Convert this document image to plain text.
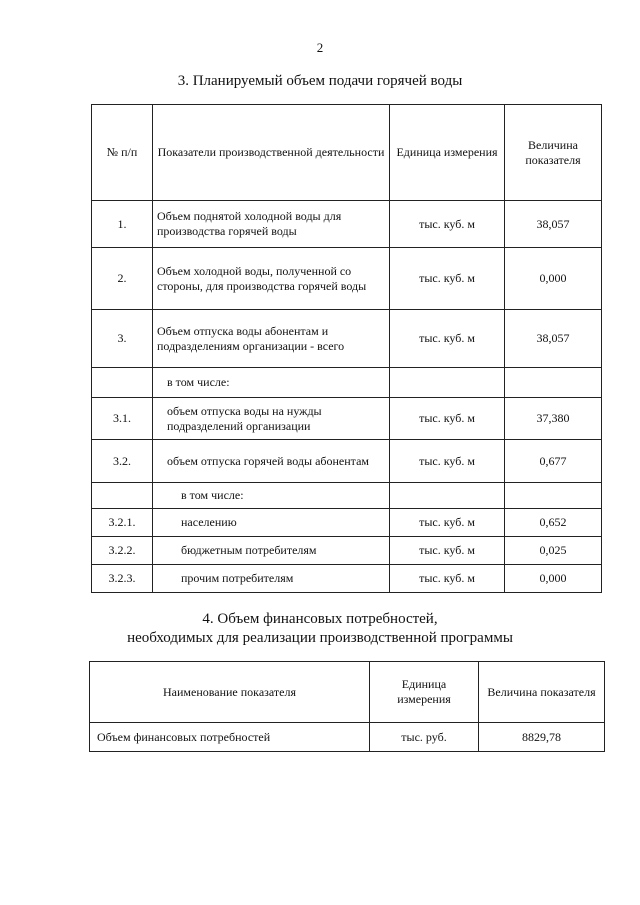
2
3. Планируемый объем подачи горячей воды
№ п/п	Показатели производственной деятельности	Единица измерения	Величина показателя
1.	Объем поднятой холодной воды для производства горячей воды	тыс. куб. м	38,057
2.	Объем холодной воды, полученной со стороны, для производства горячей воды	тыс. куб. м	0,000
3.	Объем отпуска воды абонентам и подразделениям организации - всего	тыс. куб. м	38,057
	в том числе:		
3.1.	объем отпуска воды на нужды подразделений организации	тыс. куб. м	37,380
3.2.	объем отпуска горячей воды абонентам	тыс. куб. м	0,677
	в том числе:		
3.2.1.	населению	тыс. куб. м	0,652
3.2.2.	бюджетным потребителям	тыс. куб. м	0,025
3.2.3.	прочим потребителям	тыс. куб. м	0,000
4. Объем финансовых потребностей,
необходимых для реализации производственной программы
Наименование показателя	Единица измерения	Величина показателя
Объем финансовых потребностей	тыс. руб.	8829,78
